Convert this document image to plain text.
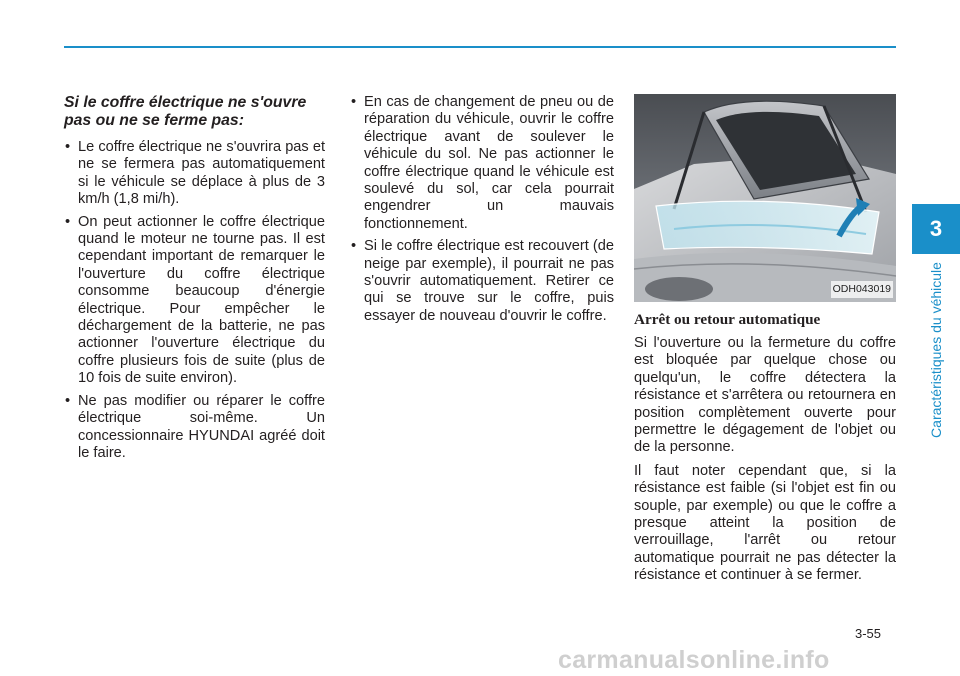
Si le coffre électrique ne s'ouvre pas ou ne se ferme pas:
• Le coffre électrique ne s'ouvrira pas et ne se fermera pas automatiquement si le véhicule se déplace à plus de 3 km/h (1,8 mi/h).
• On peut actionner le coffre électrique quand le moteur ne tourne pas. Il est cependant important de remarquer le l'ouverture du coffre électrique consomme beaucoup d'énergie électrique. Pour empêcher le déchargement de la batterie, ne pas actionner l'ouverture électrique du coffre plusieurs fois de suite (plus de 10 fois de suite environ).
• Ne pas modifier ou réparer le coffre électrique soi-même. Un concessionnaire HYUNDAI agréé doit le faire.
• En cas de changement de pneu ou de réparation du véhicule, ouvrir le coffre électrique avant de soulever le véhicule du sol. Ne pas actionner le coffre électrique quand le véhicule est soulevé du sol, car cela pourrait engendrer un mauvais fonctionnement.
• Si le coffre électrique est recouvert (de neige par exemple), il pourrait ne pas s'ouvrir automatiquement. Retirer ce qui se trouve sur le coffre, puis essayer de nouveau d'ouvrir le coffre.
ODH043019
Arrêt ou retour automatique

Si l'ouverture ou la fermeture du coffre est bloquée par quelque chose ou quelqu'un, le coffre détectera la résistance et s'arrêtera ou retournera en position complètement ouverte pour permettre le dégagement de l'objet ou de la personne.

Il faut noter cependant que, si la résistance est faible (si l'objet est fin ou souple, par exemple) ou que le coffre a presque atteint la position de verrouillage, l'arrêt ou retour automatique pourrait ne pas détecter la résistance et continuer à se fermer.

3
Caractéristiques du véhicule
3-55
carmanualsonline.info
